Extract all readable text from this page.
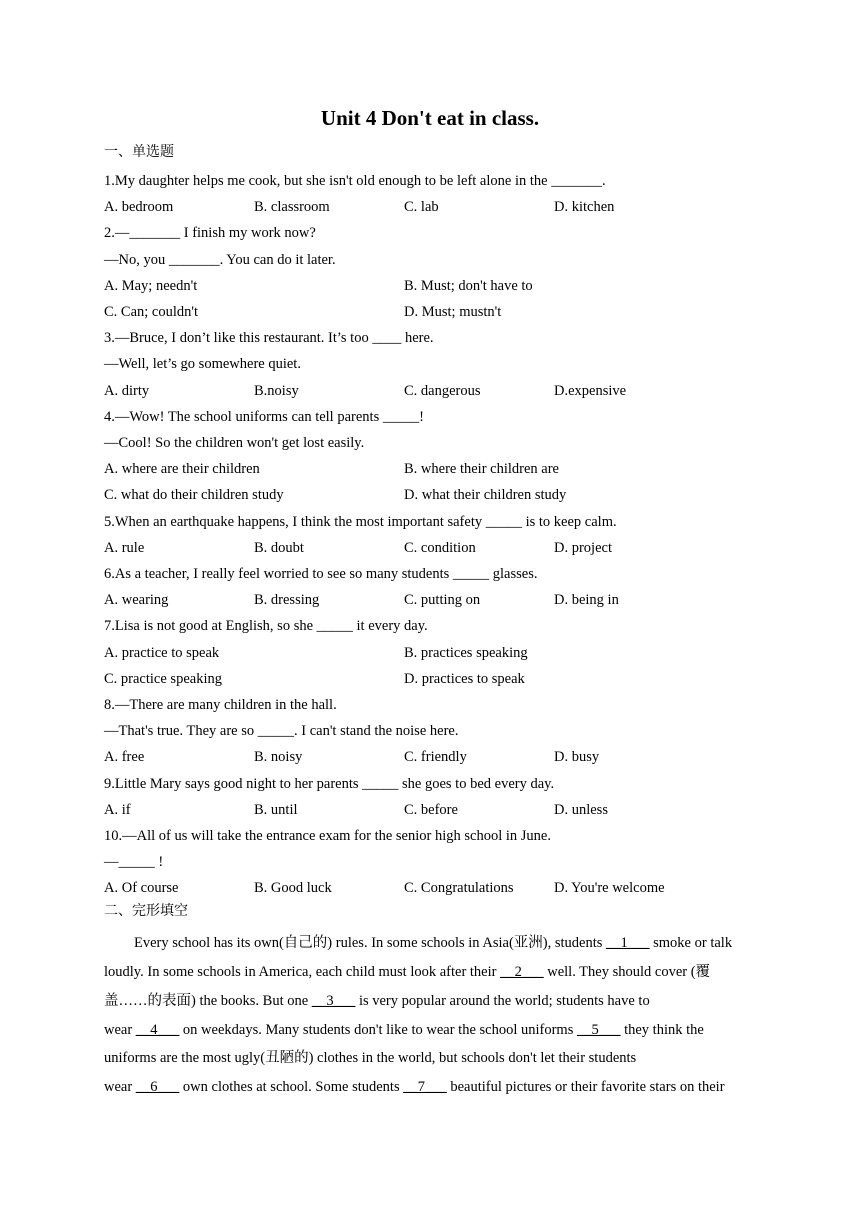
Unit 4 Don't eat in class.
一、单选题
1.My daughter helps me cook, but she isn't old enough to be left alone in the _______.
A. bedroom	B. classroom	C. lab	D. kitchen
2.—_______ I finish my work now?
—No, you _______. You can do it later.
A. May; needn't	B. Must; don't have to
C. Can; couldn't	D. Must; mustn't
3.—Bruce, I don’t like this restaurant. It’s too ____ here.
—Well, let’s go somewhere quiet.
A. dirty	B.noisy	C. dangerous	D.expensive
4.—Wow! The school uniforms can tell parents _____!
—Cool! So the children won't get lost easily.
A. where are their children	B. where their children are
C. what do their children study	D. what their children study
5.When an earthquake happens, I think the most important safety _____ is to keep calm.
A. rule	B. doubt	C. condition	D. project
6.As a teacher, I really feel worried to see so many students _____ glasses.
A. wearing	B. dressing	C. putting on	D. being in
7.Lisa is not good at English, so she _____ it every day.
A. practice to speak	B. practices speaking
C. practice speaking	D. practices to speak
8.—There are many children in the hall.
—That's true. They are so _____. I can't stand the noise here.
A. free	B. noisy	C. friendly	D. busy
9.Little Mary says good night to her parents _____ she goes to bed every day.
A. if	B. until	C. before	D. unless
10.—All of us will take the entrance exam for the senior high school in June.
—_____ !
A. Of course	B. Good luck	C. Congratulations	D. You're welcome
二、完形填空
Every school has its own(自己的) rules. In some schools in Asia(亚洲), students __1___ smoke or talk
loudly. In some schools in America, each child must look after their __2___ well. They should cover (覆
盖……的表面) the books. But one __3___ is very popular around the world; students have to
wear __4___ on weekdays. Many students don't like to wear the school uniforms __5___ they think the
uniforms are the most ugly(丑陋的) clothes in the world, but schools don't let their students
wear __6___ own clothes at school. Some students __7___ beautiful pictures or their favorite stars on their
